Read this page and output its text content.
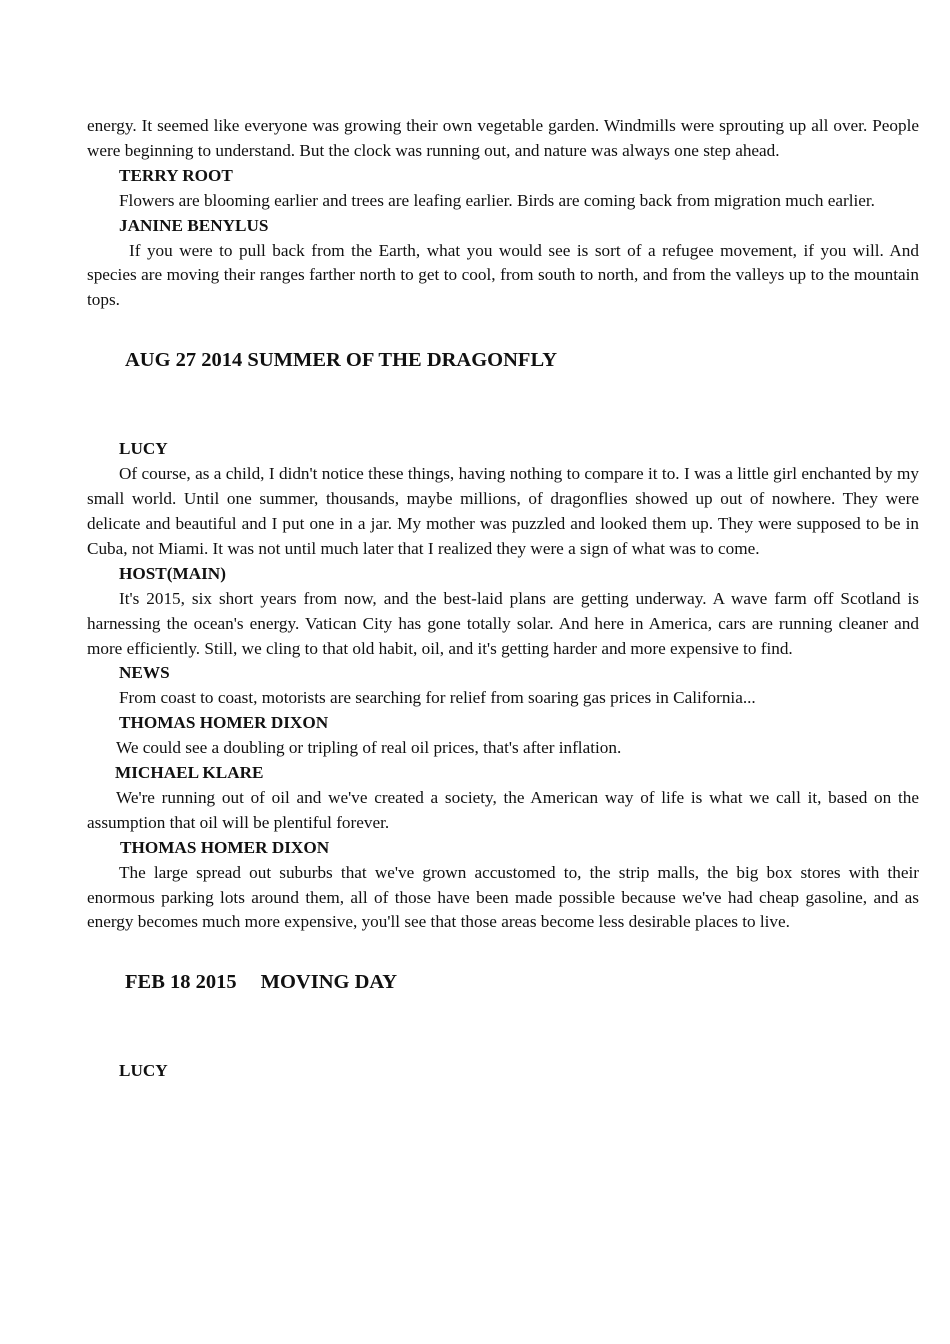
energy. It seemed like everyone was growing their own vegetable garden. Windmills were sprouting up all over. People were beginning to understand. But the clock was running out, and nature was always one step ahead.

TERRY ROOT

Flowers are blooming earlier and trees are leafing earlier. Birds are coming back from migration much earlier.

JANINE BENYLUS

If you were to pull back from the Earth, what you would see is sort of a refugee movement, if you will. And species are moving their ranges farther north to get to cool, from south to north, and from the valleys up to the mountain tops.

AUG 27 2014 SUMMER OF THE DRAGONFLY

LUCY

Of course, as a child, I didn't notice these things, having nothing to compare it to. I was a little girl enchanted by my small world. Until one summer, thousands, maybe millions, of dragonflies showed up out of nowhere. They were delicate and beautiful and I put one in a jar. My mother was puzzled and looked them up. They were supposed to be in Cuba, not Miami. It was not until much later that I realized they were a sign of what was to come.

HOST(MAIN)

It's 2015, six short years from now, and the best-laid plans are getting underway. A wave farm off Scotland is harnessing the ocean's energy. Vatican City has gone totally solar. And here in America, cars are running cleaner and more efficiently. Still, we cling to that old habit, oil, and it's getting harder and more expensive to find.

NEWS

From coast to coast, motorists are searching for relief from soaring gas prices in California...

THOMAS HOMER DIXON

We could see a doubling or tripling of real oil prices, that's after inflation.

MICHAEL KLARE

We're running out of oil and we've created a society, the American way of life is what we call it, based on the assumption that oil will be plentiful forever.

THOMAS HOMER DIXON

The large spread out suburbs that we've grown accustomed to, the strip malls, the big box stores with their enormous parking lots around them, all of those have been made possible because we've had cheap gasoline, and as energy becomes much more expensive, you'll see that those areas become less desirable places to live.

FEB 18 2015 MOVING DAY

LUCY
